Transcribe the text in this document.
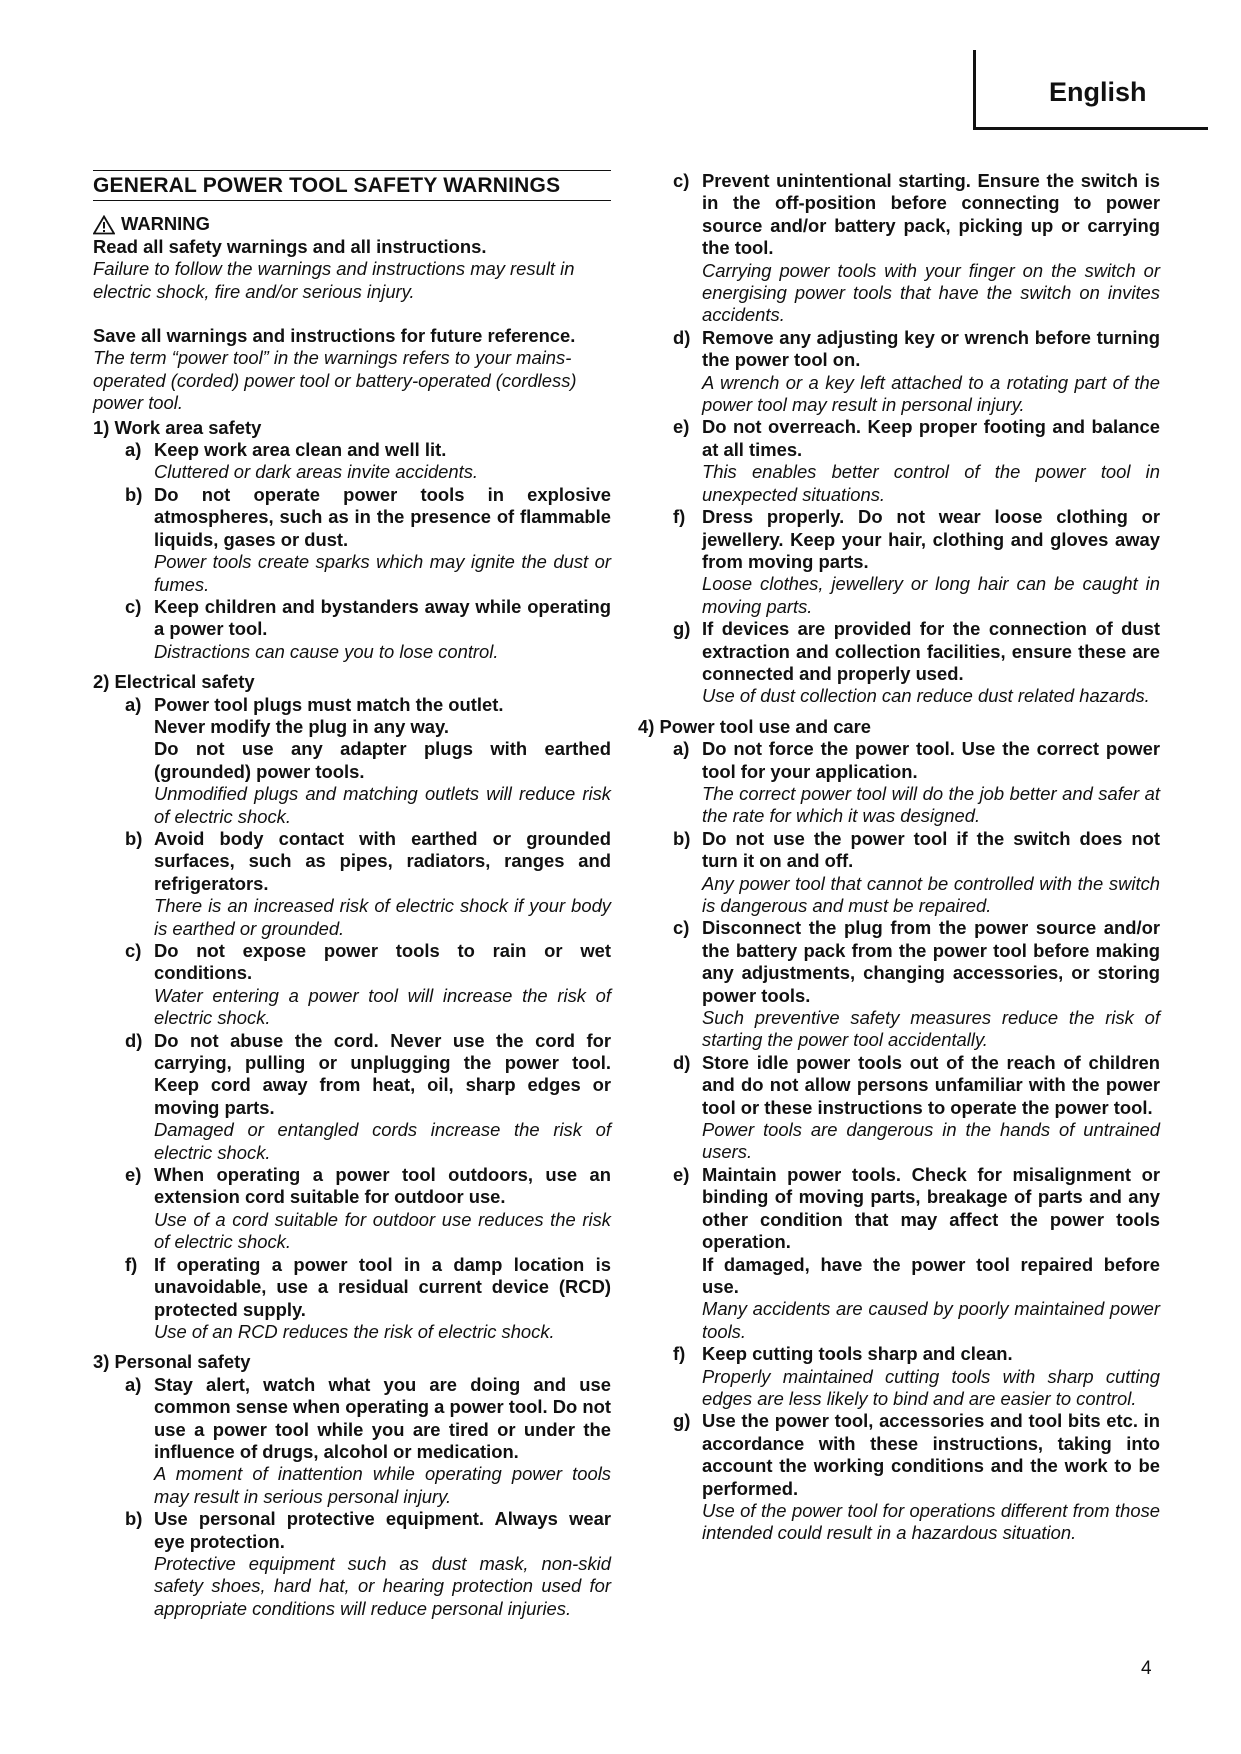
English
GENERAL POWER TOOL SAFETY WARNINGS
WARNING
Read all safety warnings and all instructions.
Failure to follow the warnings and instructions may result in electric shock, fire and/or serious injury.
Save all warnings and instructions for future reference.
The term “power tool” in the warnings refers to your mains-operated (corded) power tool or battery-operated (cordless) power tool.
1) Work area safety
a) Keep work area clean and well lit.
Cluttered or dark areas invite accidents.
b) Do not operate power tools in explosive atmospheres, such as in the presence of flammable liquids, gases or dust.
Power tools create sparks which may ignite the dust or fumes.
c) Keep children and bystanders away while operating a power tool.
Distractions can cause you to lose control.
2) Electrical safety
a) Power tool plugs must match the outlet.
Never modify the plug in any way.
Do not use any adapter plugs with earthed (grounded) power tools.
Unmodified plugs and matching outlets will reduce risk of electric shock.
b) Avoid body contact with earthed or grounded surfaces, such as pipes, radiators, ranges and refrigerators.
There is an increased risk of electric shock if your body is earthed or grounded.
c) Do not expose power tools to rain or wet conditions.
Water entering a power tool will increase the risk of electric shock.
d) Do not abuse the cord. Never use the cord for carrying, pulling or unplugging the power tool. Keep cord away from heat, oil, sharp edges or moving parts.
Damaged or entangled cords increase the risk of electric shock.
e) When operating a power tool outdoors, use an extension cord suitable for outdoor use.
Use of a cord suitable for outdoor use reduces the risk of electric shock.
f) If operating a power tool in a damp location is unavoidable, use a residual current device (RCD) protected supply.
Use of an RCD reduces the risk of electric shock.
3) Personal safety
a) Stay alert, watch what you are doing and use common sense when operating a power tool. Do not use a power tool while you are tired or under the influence of drugs, alcohol or medication.
A moment of inattention while operating power tools may result in serious personal injury.
b) Use personal protective equipment. Always wear eye protection.
Protective equipment such as dust mask, non-skid safety shoes, hard hat, or hearing protection used for appropriate conditions will reduce personal injuries.
c) Prevent unintentional starting. Ensure the switch is in the off-position before connecting to power source and/or battery pack, picking up or carrying the tool.
Carrying power tools with your finger on the switch or energising power tools that have the switch on invites accidents.
d) Remove any adjusting key or wrench before turning the power tool on.
A wrench or a key left attached to a rotating part of the power tool may result in personal injury.
e) Do not overreach. Keep proper footing and balance at all times.
This enables better control of the power tool in unexpected situations.
f) Dress properly. Do not wear loose clothing or jewellery. Keep your hair, clothing and gloves away from moving parts.
Loose clothes, jewellery or long hair can be caught in moving parts.
g) If devices are provided for the connection of dust extraction and collection facilities, ensure these are connected and properly used.
Use of dust collection can reduce dust related hazards.
4) Power tool use and care
a) Do not force the power tool. Use the correct power tool for your application.
The correct power tool will do the job better and safer at the rate for which it was designed.
b) Do not use the power tool if the switch does not turn it on and off.
Any power tool that cannot be controlled with the switch is dangerous and must be repaired.
c) Disconnect the plug from the power source and/or the battery pack from the power tool before making any adjustments, changing accessories, or storing power tools.
Such preventive safety measures reduce the risk of starting the power tool accidentally.
d) Store idle power tools out of the reach of children and do not allow persons unfamiliar with the power tool or these instructions to operate the power tool.
Power tools are dangerous in the hands of untrained users.
e) Maintain power tools. Check for misalignment or binding of moving parts, breakage of parts and any other condition that may affect the power tools operation.
If damaged, have the power tool repaired before use.
Many accidents are caused by poorly maintained power tools.
f) Keep cutting tools sharp and clean.
Properly maintained cutting tools with sharp cutting edges are less likely to bind and are easier to control.
g) Use the power tool, accessories and tool bits etc. in accordance with these instructions, taking into account the working conditions and the work to be performed.
Use of the power tool for operations different from those intended could result in a hazardous situation.
4
